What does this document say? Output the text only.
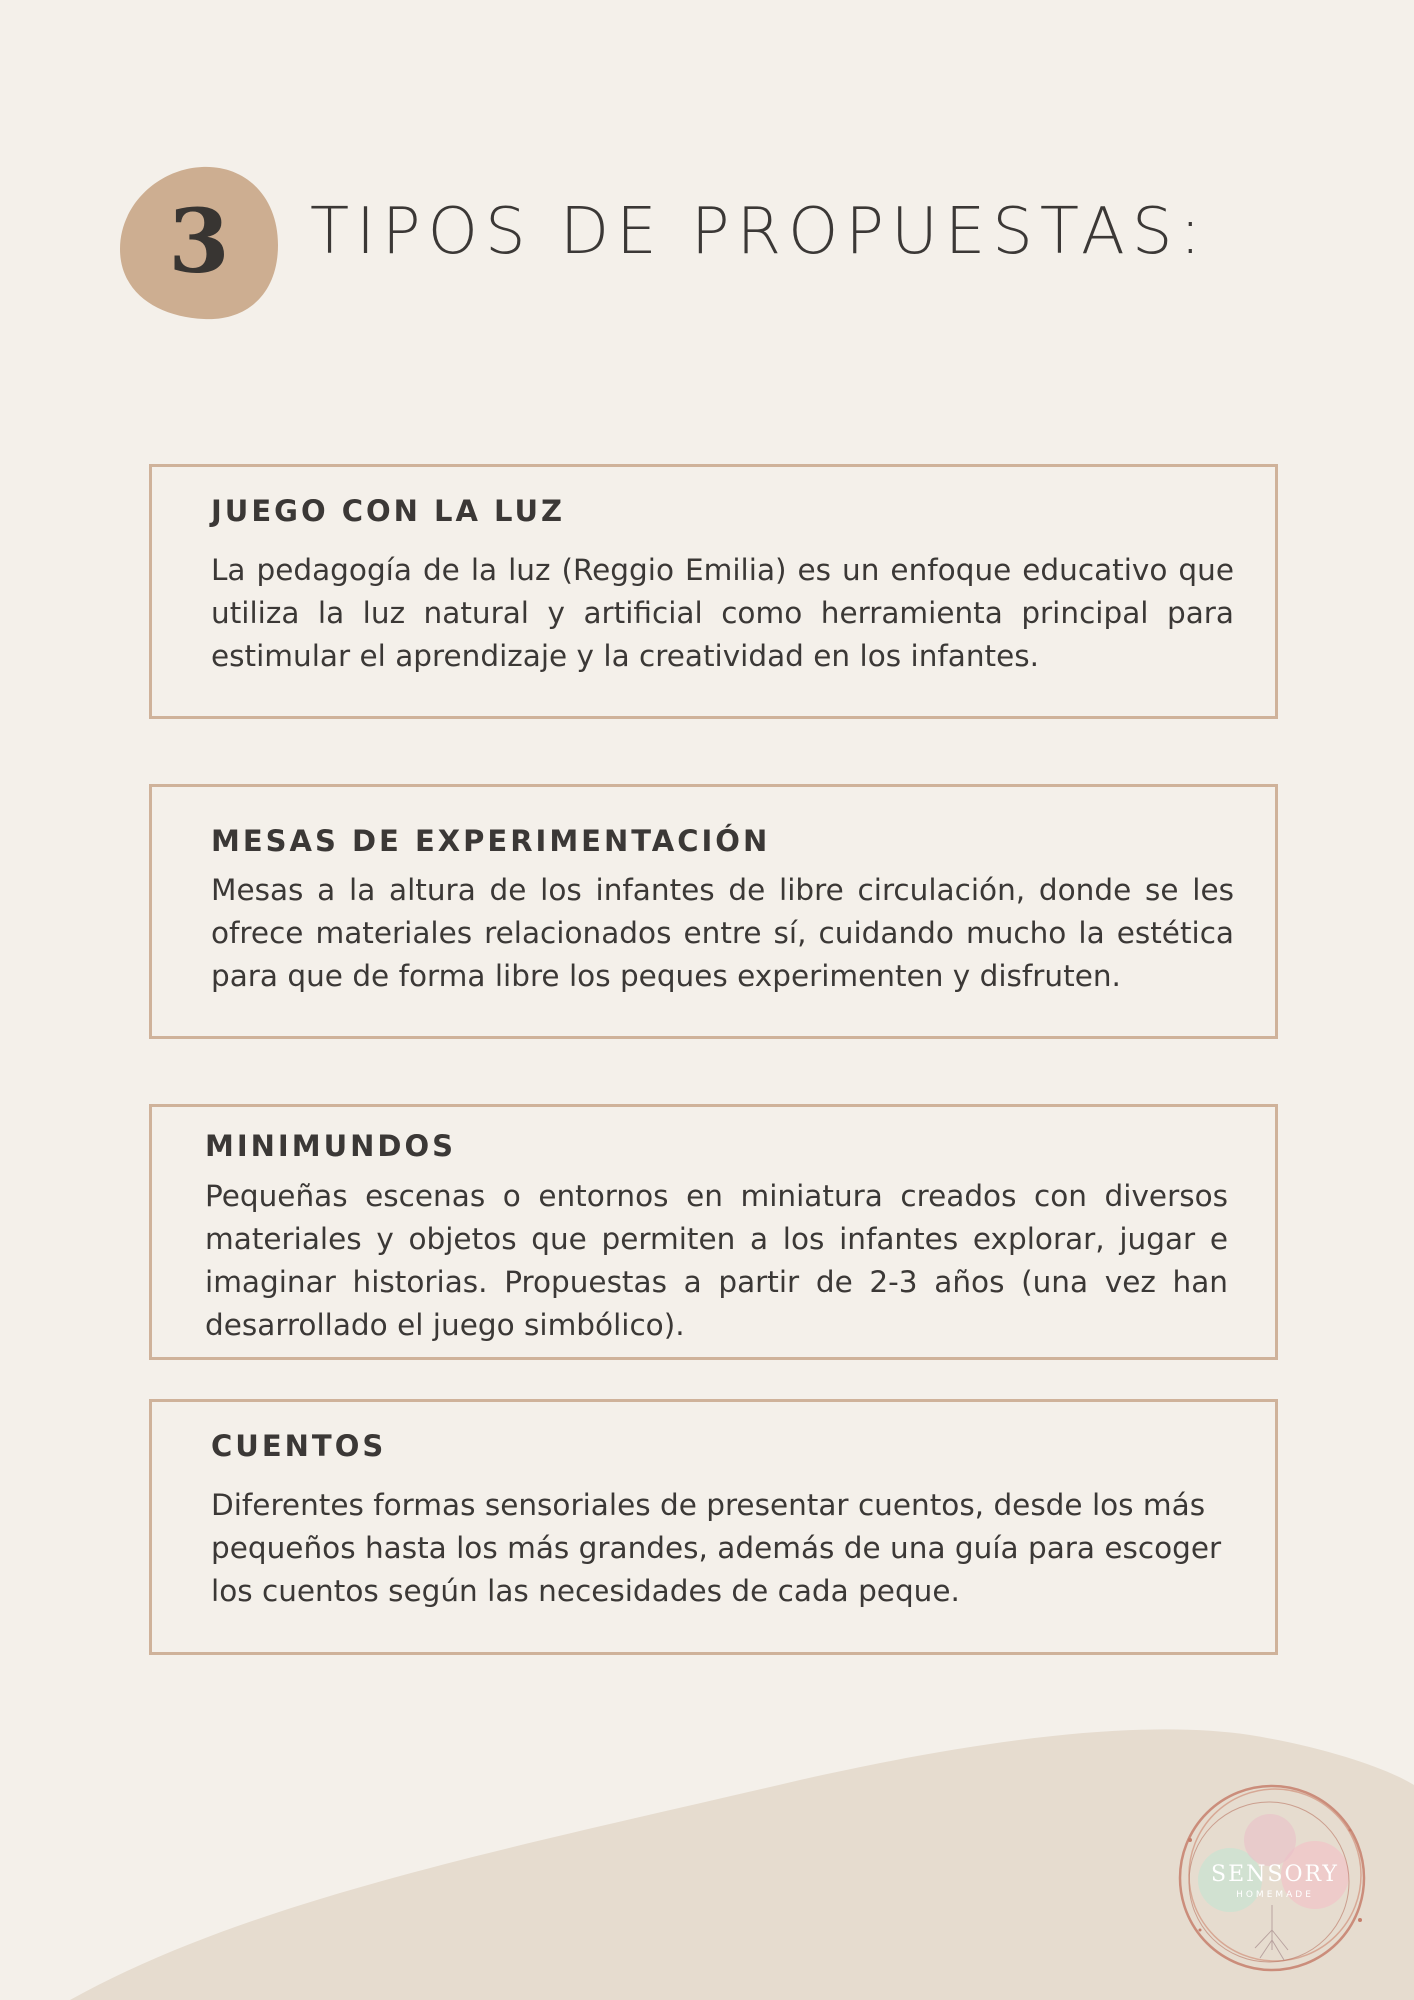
3	TIPOS DE PROPUESTAS:
JUEGO CON LA LUZ

La pedagogía de la luz (Reggio Emilia) es un enfoque educativo que utiliza la luz natural y artificial como herramienta principal para estimular el aprendizaje y la creatividad en los infantes.

MESAS DE EXPERIMENTACIÓN

Mesas a la altura de los infantes de libre circulación, donde se les ofrece materiales relacionados entre sí, cuidando mucho la estética para que de forma libre los peques experimenten y disfruten.

MINIMUNDOS

Pequeñas escenas o entornos en miniatura creados con diversos materiales y objetos que permiten a los infantes explorar, jugar e imaginar historias. Propuestas a partir de 2-3 años (una vez han desarrollado el juego simbólico).

CUENTOS

Diferentes formas sensoriales de presentar cuentos, desde los más pequeños hasta los más grandes, además de una guía para escoger los cuentos según las necesidades de cada peque.

SENSORY
HOMEMADE
